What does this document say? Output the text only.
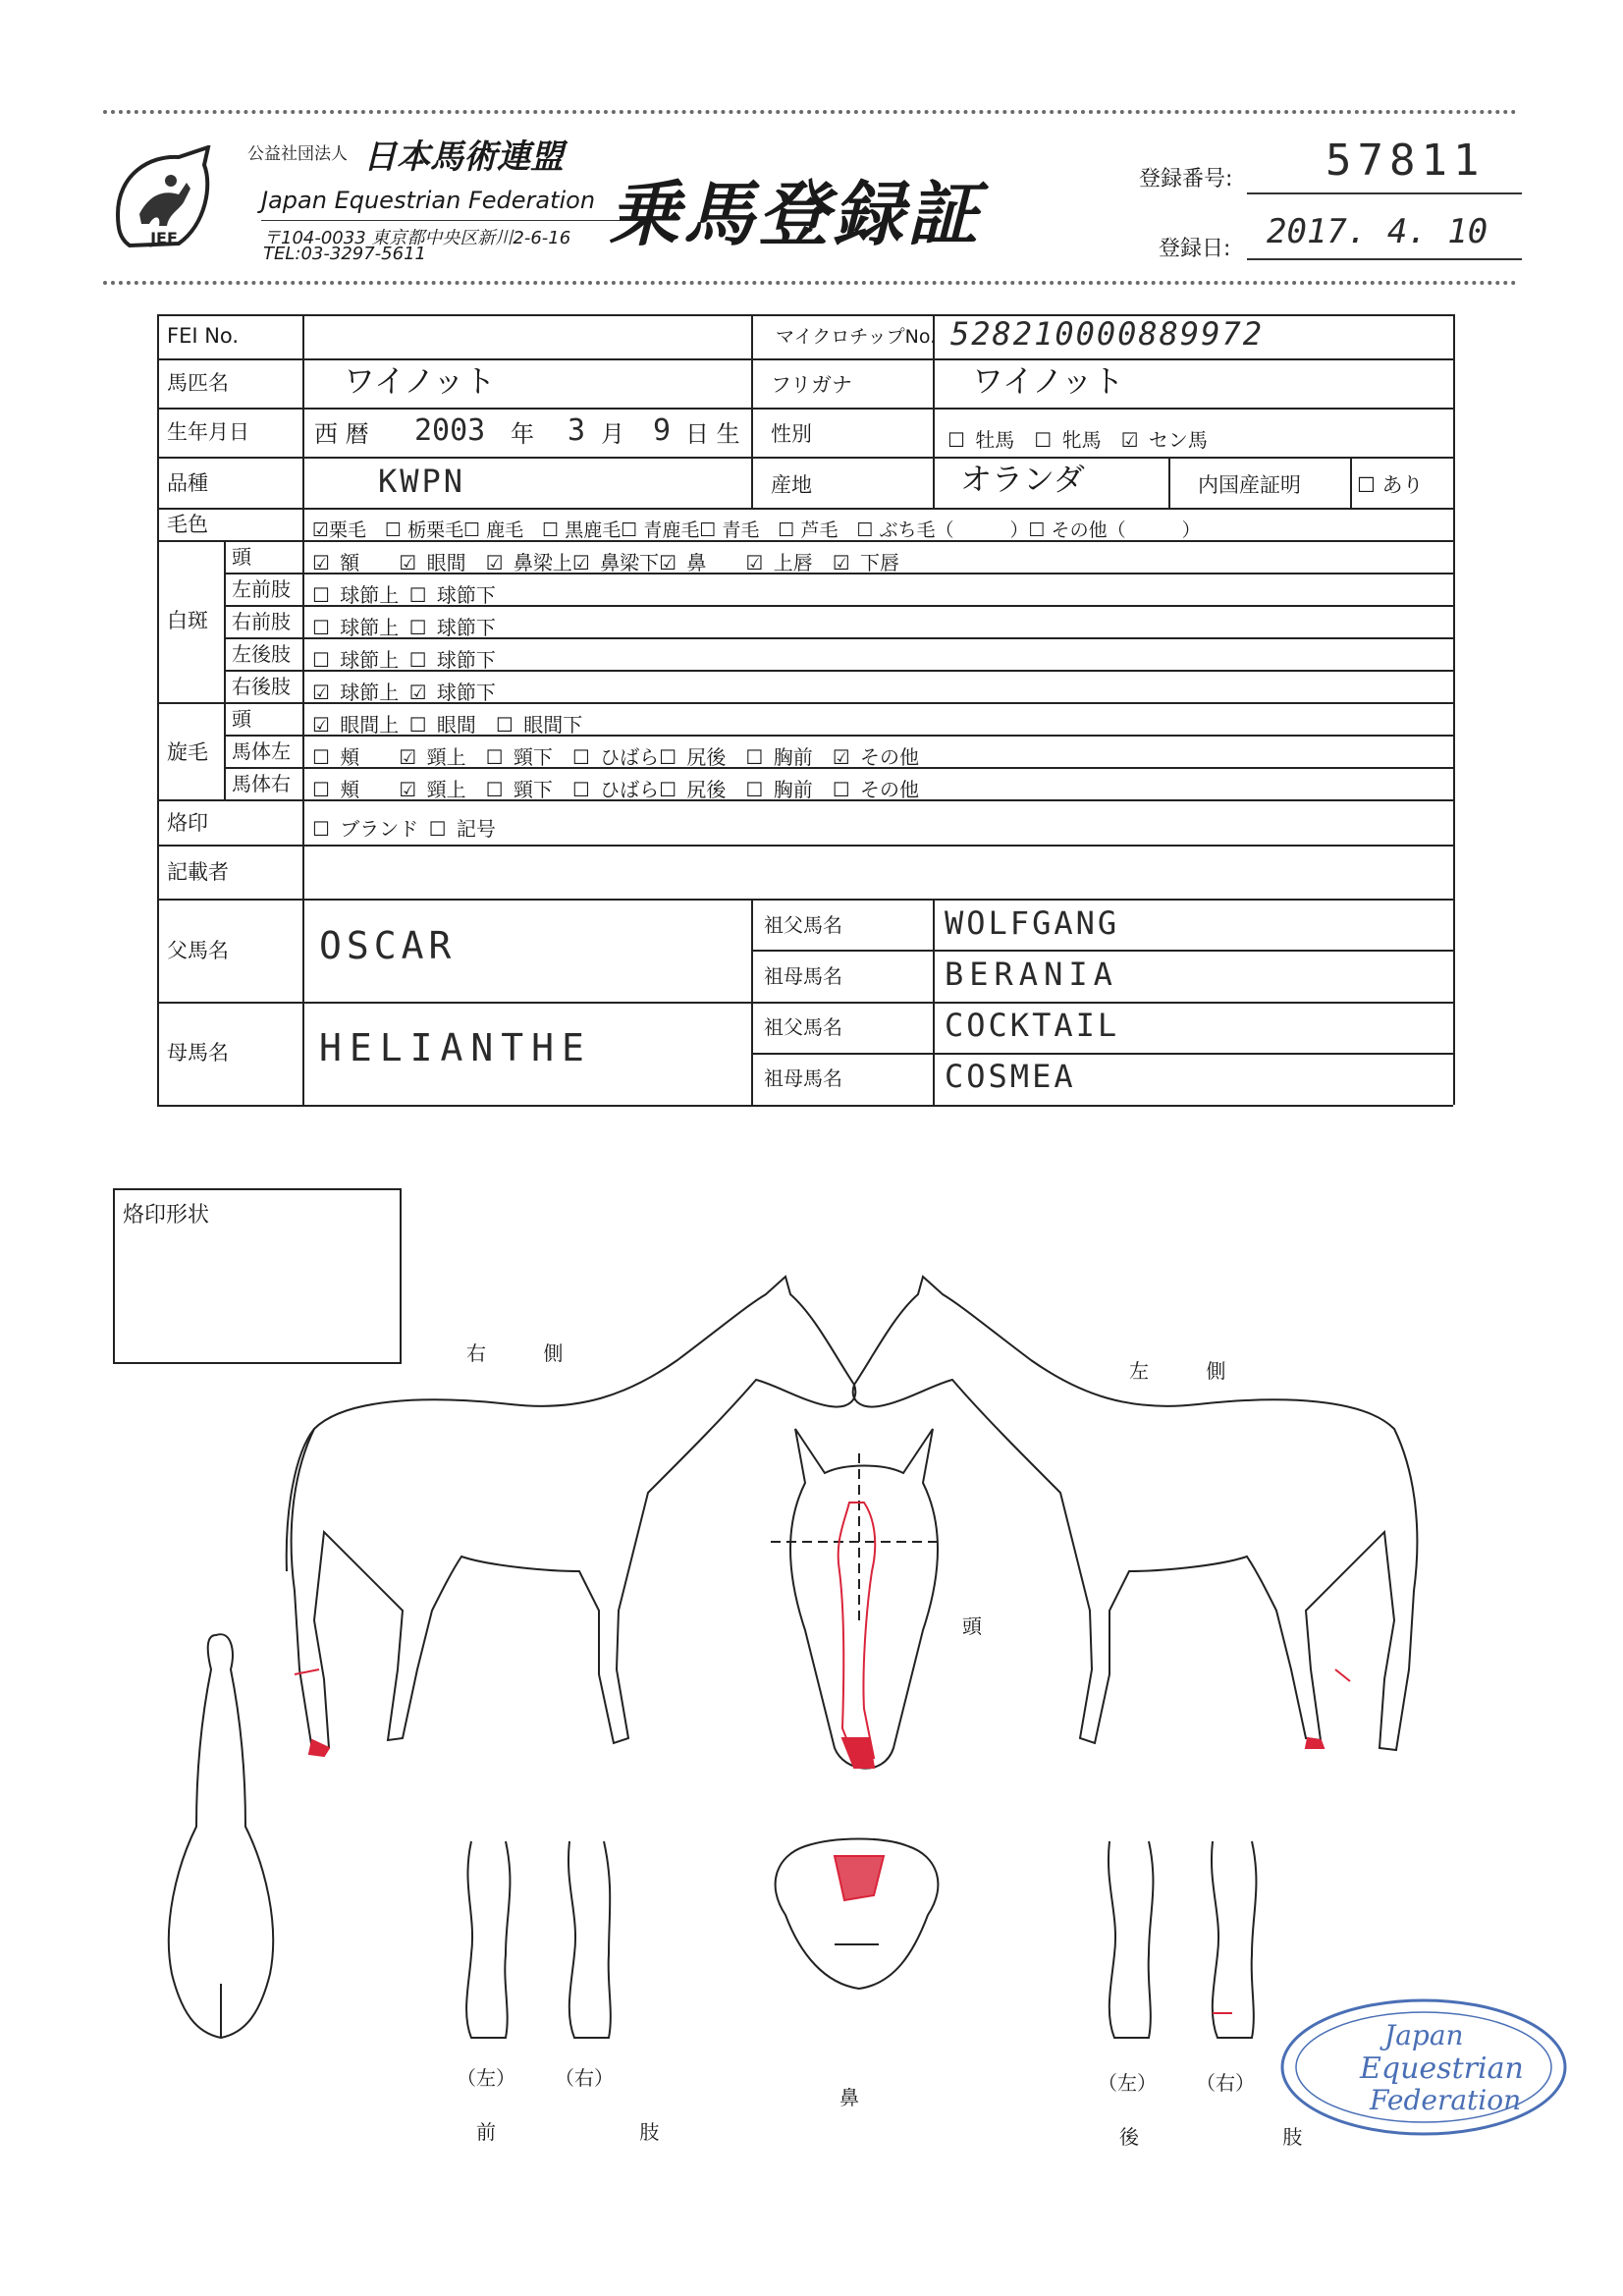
JEF
公益社団法人 日本馬術連盟
Japan Equestrian Federation
〒104-0033 東京都中央区新川2-6-16
TEL:03-3297-5611	乗馬登録証	登録番号: 57811
登録日: 2017. 4. 10
FEI No.	マイクロチップNo. 528210000889972
馬匹名	ワイノット	フリガナ	ワイノット
生年月日	西 暦 2003 年 3 月 9 日 生 性別	☐ 牡馬　☐ 牝馬　☑ セン馬
品種	KWPN	産地	オランダ	内国産証明	☐ あり
毛色	☑栗毛　☐ 栃栗毛☐ 鹿毛　☐ 黒鹿毛☐ 青鹿毛☐ 青毛　☐ 芦毛　☐ ぶち毛（　　　）☐ その他（　　　）
白斑
頭	☑ 額　　☑ 眼間　☑ 鼻梁上☑ 鼻梁下☑ 鼻　　☑ 上唇　☑ 下唇
左前肢 ☐ 球節上 ☐ 球節下
右前肢 ☐ 球節上 ☐ 球節下
左後肢 ☐ 球節上 ☐ 球節下
右後肢 ☑ 球節上 ☑ 球節下
旋毛
頭	☑ 眼間上 ☐ 眼間　☐ 眼間下
馬体左 ☐ 頬　　☑ 頸上　☐ 頸下　☐ ひばら☐ 尻後　☐ 胸前　☑ その他
馬体右 ☐ 頬　　☑ 頸上　☐ 頸下　☐ ひばら☐ 尻後　☐ 胸前　☐ その他
烙印	☐ ブランド ☐ 記号
記載者
父馬名 OSCAR	祖父馬名	WOLFGANG
祖母馬名	BERANIA
母馬名 HELIANTHE	祖父馬名	COCKTAIL
祖母馬名	COSMEA
烙印形状
右 側
左 側
頭
鼻
（左） （右）
前 肢
（左） （右）
後 肢
Japan
Equestrian
Federation
